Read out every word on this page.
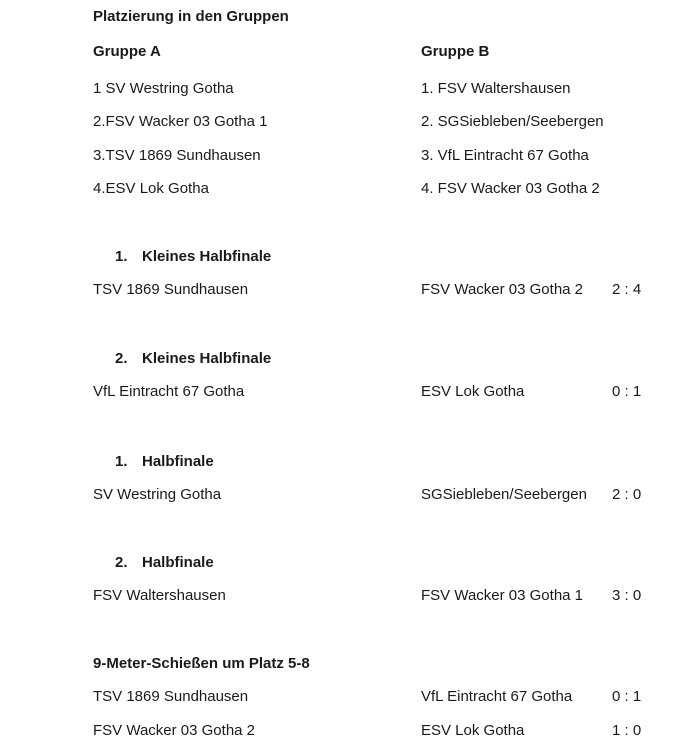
Platzierung in den Gruppen
Gruppe A	Gruppe B
1 SV Westring Gotha	1. FSV Waltershausen
2.FSV Wacker 03 Gotha 1	2. SGSiebleben/Seebergen
3.TSV 1869 Sundhausen	3. VfL Eintracht 67 Gotha
4.ESV Lok Gotha	4. FSV Wacker 03 Gotha 2
1. Kleines Halbfinale
TSV 1869 Sundhausen	FSV Wacker 03 Gotha 2 2 : 4
2. Kleines Halbfinale
VfL Eintracht 67 Gotha	ESV Lok Gotha	0 : 1
1. Halbfinale
SV Westring Gotha	SGSiebleben/Seebergen 2 : 0
2. Halbfinale
FSV Waltershausen	FSV Wacker 03 Gotha 1 3 : 0
9-Meter-Schießen um Platz 5-8
TSV 1869 Sundhausen	VfL Eintracht 67 Gotha	0 : 1
FSV Wacker 03 Gotha 2	ESV Lok Gotha	1 : 0
